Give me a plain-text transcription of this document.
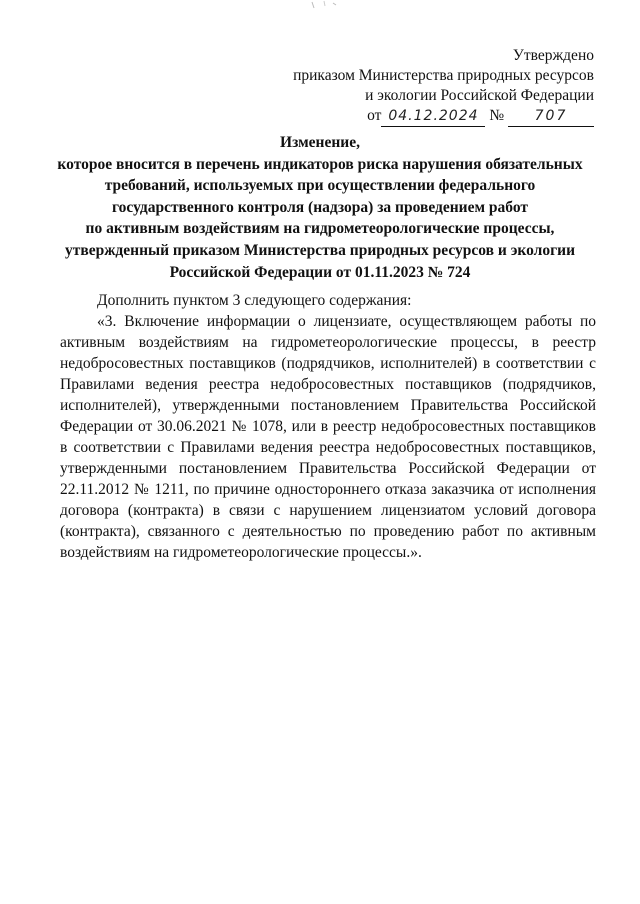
Утверждено
приказом Министерства природных ресурсов
и экологии Российской Федерации
от 04.12.2024 № 707
Изменение,
которое вносится в перечень индикаторов риска нарушения обязательных
требований, используемых при осуществлении федерального
государственного контроля (надзора) за проведением работ
по активным воздействиям на гидрометеорологические процессы,
утвержденный приказом Министерства природных ресурсов и экологии
Российской Федерации от 01.11.2023 № 724

Дополнить пунктом 3 следующего содержания:

«3. Включение информации о лицензиате, осуществляющем работы по активным воздействиям на гидрометеорологические процессы, в реестр недобросовестных поставщиков (подрядчиков, исполнителей) в соответствии с Правилами ведения реестра недобросовестных поставщиков (подрядчиков, исполнителей), утвержденными постановлением Правительства Российской Федерации от 30.06.2021 № 1078, или в реестр недобросовестных поставщиков в соответствии с Правилами ведения реестра недобросовестных поставщиков, утвержденными постановлением Правительства Российской Федерации от 22.11.2012 № 1211, по причине одностороннего отказа заказчика от исполнения договора (контракта) в связи с нарушением лицензиатом условий договора (контракта), связанного с деятельностью по проведению работ по активным воздействиям на гидрометеорологические процессы.».
